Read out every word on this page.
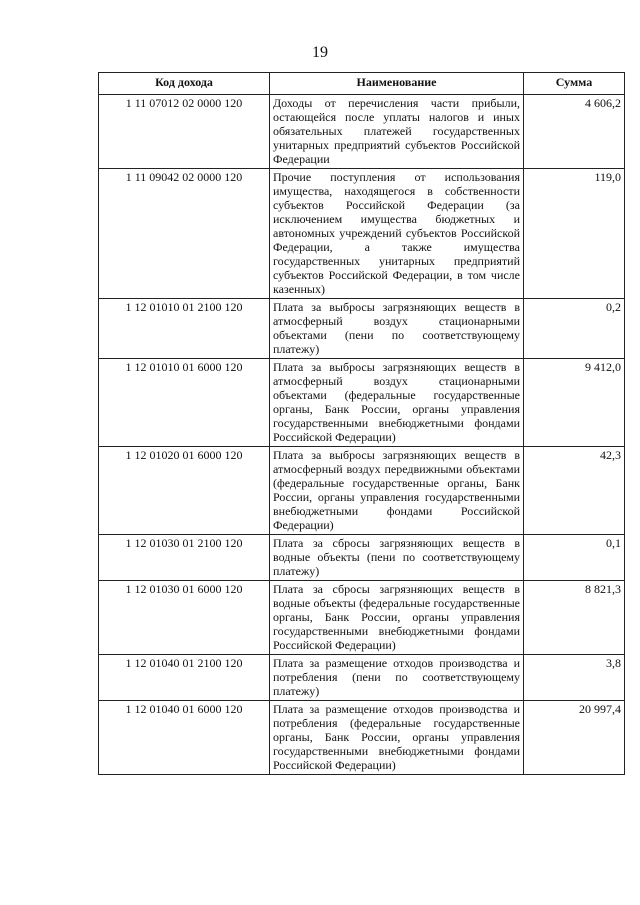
19
Код дохода	Наименование	Сумма
1 11 07012 02 0000 120	Доходы от перечисления части прибыли, остающейся после уплаты налогов и иных обязательных платежей государственных унитарных предприятий субъектов Российской Федерации	4 606,2
1 11 09042 02 0000 120	Прочие поступления от использования имущества, находящегося в собственности субъектов Российской Федерации (за исключением имущества бюджетных и автономных учреждений субъектов Российской Федерации, а также имущества государственных унитарных предприятий субъектов Российской Федерации, в том числе казенных)	119,0
1 12 01010 01 2100 120	Плата за выбросы загрязняющих веществ в атмосферный воздух стационарными объектами (пени по соответствующему платежу)	0,2
1 12 01010 01 6000 120	Плата за выбросы загрязняющих веществ в атмосферный воздух стационарными объектами (федеральные государственные органы, Банк России, органы управления государственными внебюджетными фондами Российской Федерации)	9 412,0
1 12 01020 01 6000 120	Плата за выбросы загрязняющих веществ в атмосферный воздух передвижными объектами (федеральные государственные органы, Банк России, органы управления государственными внебюджетными фондами Российской Федерации)	42,3
1 12 01030 01 2100 120	Плата за сбросы загрязняющих веществ в водные объекты (пени по соответствующему платежу)	0,1
1 12 01030 01 6000 120	Плата за сбросы загрязняющих веществ в водные объекты (федеральные государственные органы, Банк России, органы управления государственными внебюджетными фондами Российской Федерации)	8 821,3
1 12 01040 01 2100 120	Плата за размещение отходов производства и потребления (пени по соответствующему платежу)	3,8
1 12 01040 01 6000 120	Плата за размещение отходов производства и потребления (федеральные государственные органы, Банк России, органы управления государственными внебюджетными фондами Российской Федерации)	20 997,4
